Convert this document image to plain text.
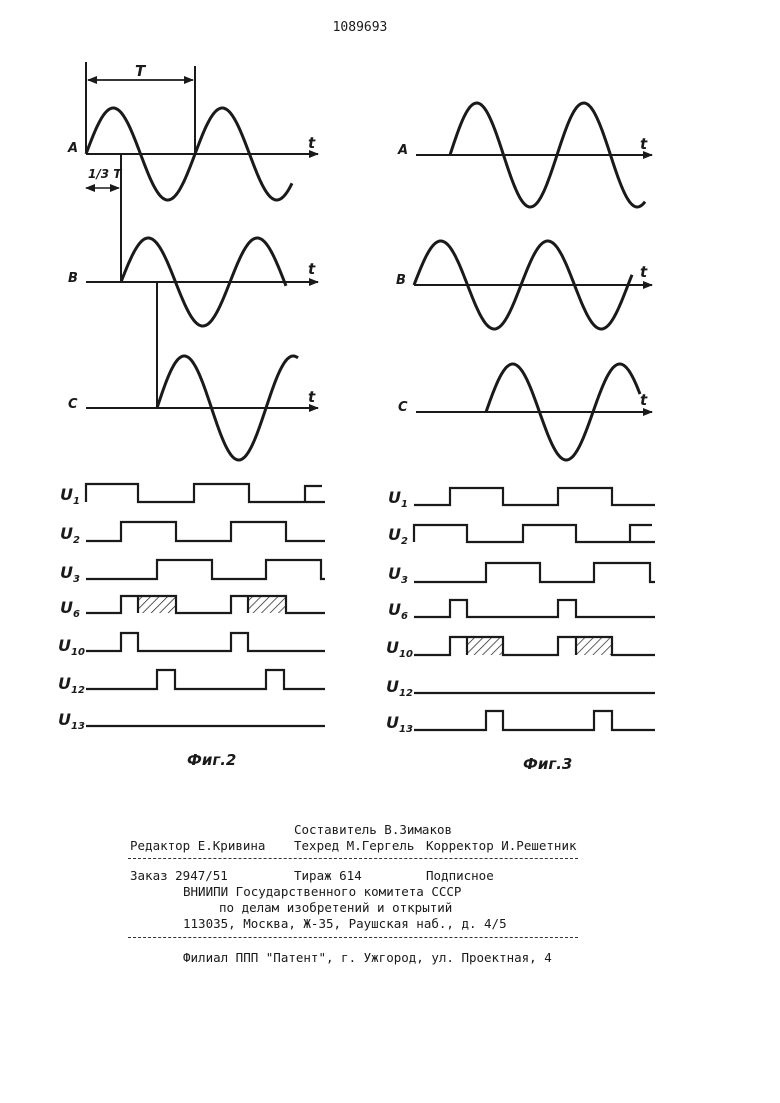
1089693
T
1/3 T
t
t
t
A
B
C
$U_1$
$U_2$
$U_3$
$U_6$
$U_{10}$
$U_{12}$
$U_{13}$
Фиг.2
t
t
t
A
B
C
$U_1$
$U_2$
$U_3$
$U_6$
$U_{10}$
$U_{12}$
$U_{13}$
Фиг.3
Составитель В.Зимаков
Редактор Е.Кривина Техред М.Гергель Корректор И.Решетник
Заказ 2947/51	Тираж 614	Подписное
ВНИИПИ Государственного комитета СССР
по делам изобретений и открытий
113035, Москва, Ж-35, Раушская наб., д. 4/5
Филиал ППП "Патент", г. Ужгород, ул. Проектная, 4
